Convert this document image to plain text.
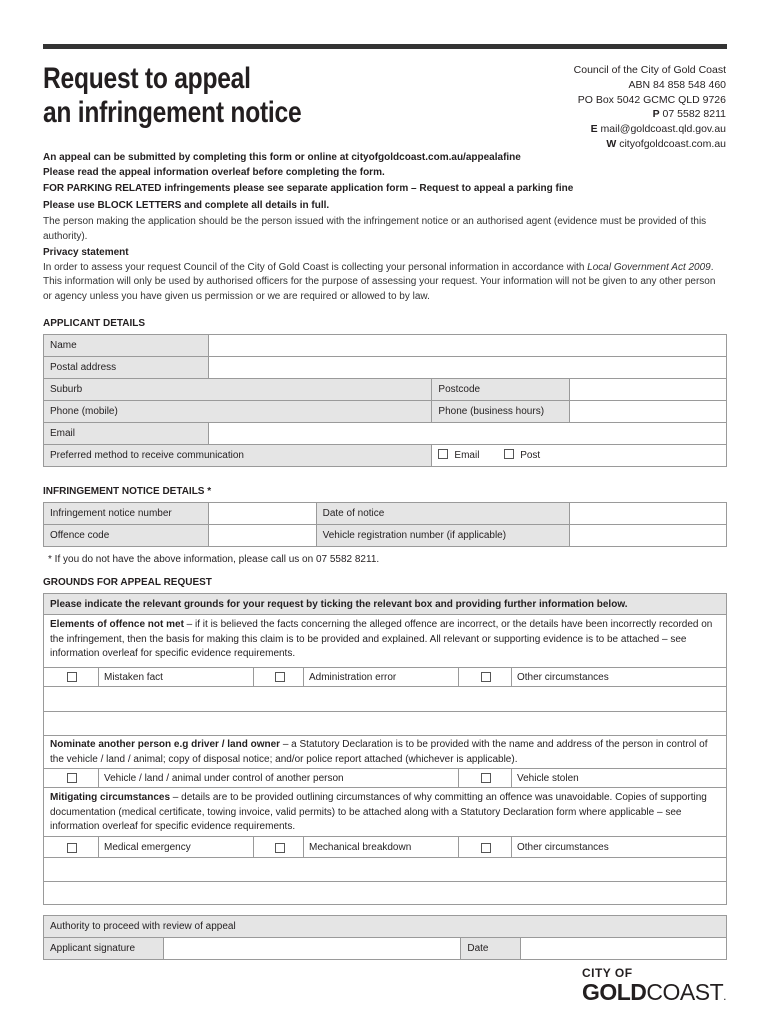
Request to appeal
an infringement notice
Council of the City of Gold Coast
ABN 84 858 548 460
PO Box 5042 GCMC QLD 9726
P 07 5582 8211
E mail@goldcoast.qld.gov.au
W cityofgoldcoast.com.au

An appeal can be submitted by completing this form or online at cityofgoldcoast.com.au/appealafine

Please read the appeal information overleaf before completing the form.

FOR PARKING RELATED infringements please see separate application form – Request to appeal a parking fine

Please use BLOCK LETTERS and complete all details in full.

The person making the application should be the person issued with the infringement notice or an authorised agent (evidence must be provided of this authority).

Privacy statement

In order to assess your request Council of the City of Gold Coast is collecting your personal information in accordance with Local Government Act 2009. This information will only be used by authorised officers for the purpose of assessing your request. Your information will not be given to any other person or agency unless you have given us permission or we are required or allowed to by law.

APPLICANT DETAILS
Name			
Postal address			
Suburb		Postcode	
Phone (mobile)		Phone (business hours)	
Email			
Preferred method to receive communication		Email Post	
INFRINGEMENT NOTICE DETAILS *
Infringement notice number		Date of notice	
Offence code		Vehicle registration number (if applicable)	
* If you do not have the above information, please call us on 07 5582 8211.
GROUNDS FOR APPEAL REQUEST
Please indicate the relevant grounds for your request by ticking the relevant box and providing further information below.
Elements of offence not met – if it is believed the facts concerning the alleged offence are incorrect, or the details have been incorrectly recorded on the infringement, then the basis for making this claim is to be provided and explained. All relevant or supporting evidence is to be attached – see information overleaf for specific evidence requirements.
Mistaken fact	Administration error	Other circumstances
Nominate another person e.g driver / land owner – a Statutory Declaration is to be provided with the name and address of the person in control of the vehicle / land / animal; copy of disposal notice; and/or police report attached (whichever is applicable).
Vehicle / land / animal under control of another person	Vehicle stolen
Mitigating circumstances – details are to be provided outlining circumstances of why committing an offence was unavoidable. Copies of supporting documentation (medical certificate, towing invoice, valid permits) to be attached along with a Statutory Declaration form where applicable – see information overleaf for specific evidence requirements.
Medical emergency	Mechanical breakdown	Other circumstances
Authority to proceed with review of appeal
Applicant signature		Date	
CITY OF
GOLDCOAST.
